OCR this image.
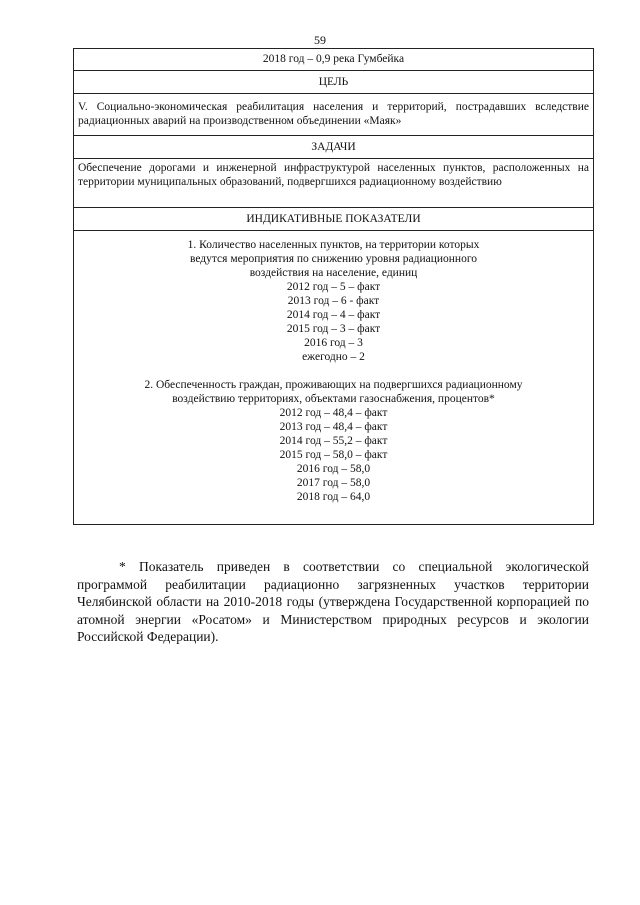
59
2018 год – 0,9 река Гумбейка
ЦЕЛЬ
V. Социально-экономическая реабилитация населения и территорий, пострадавших вследствие радиационных аварий на производственном объединении «Маяк»
ЗАДАЧИ
Обеспечение дорогами и инженерной инфраструктурой населенных пунктов, расположенных на территории муниципальных образований, подвергшихся радиационному воздействию
ИНДИКАТИВНЫЕ ПОКАЗАТЕЛИ
1. Количество населенных пунктов, на территории которых
ведутся мероприятия по снижению уровня радиационного
воздействия на население, единиц
2012 год – 5 – факт
2013 год – 6 - факт
2014 год – 4 – факт
2015 год – 3 – факт
2016 год – 3
ежегодно – 2
2. Обеспеченность граждан, проживающих на подвергшихся радиационному
воздействию территориях, объектами газоснабжения, процентов*
2012 год – 48,4 – факт
2013 год – 48,4 – факт
2014 год – 55,2 – факт
2015 год – 58,0 – факт
2016 год – 58,0
2017 год – 58,0
2018 год – 64,0
* Показатель приведен в соответствии со специальной экологической программой реабилитации радиационно загрязненных участков территории Челябинской области на 2010-2018 годы (утверждена Государственной корпорацией по атомной энергии «Росатом» и Министерством природных ресурсов и экологии Российской Федерации).
